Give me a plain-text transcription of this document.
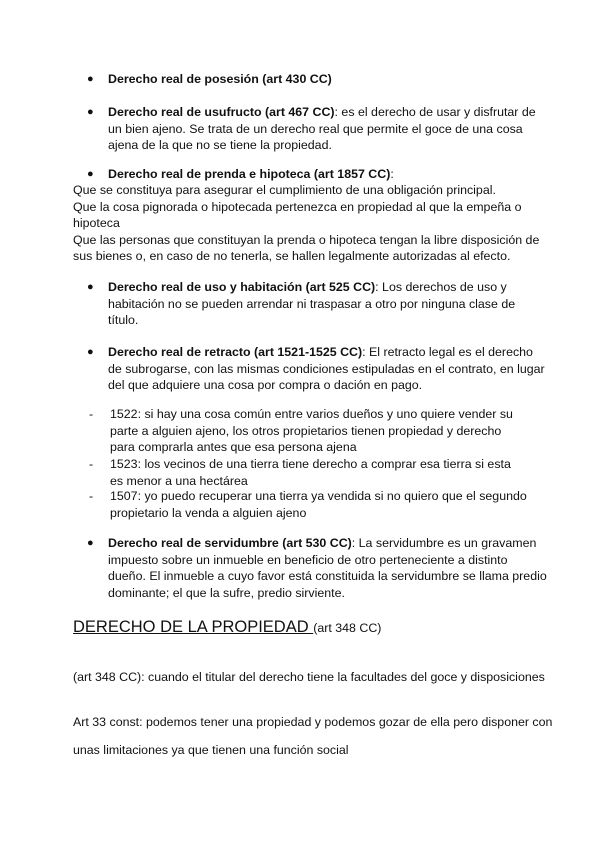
●	Derecho real de posesión (art 430 CC)
●	Derecho real de usufructo (art 467 CC): es el derecho de usar y disfrutar de un bien ajeno. Se trata de un derecho real que permite el goce de una cosa ajena de la que no se tiene la propiedad.
●	Derecho real de prenda e hipoteca (art 1857 CC):
Que se constituya para asegurar el cumplimiento de una obligación principal.
Que la cosa pignorada o hipotecada pertenezca en propiedad al que la empeña o hipoteca
Que las personas que constituyan la prenda o hipoteca tengan la libre disposición de sus bienes o, en caso de no tenerla, se hallen legalmente autorizadas al efecto.
●	Derecho real de uso y habitación (art 525 CC): Los derechos de uso y habitación no se pueden arrendar ni traspasar a otro por ninguna clase de título.
●	Derecho real de retracto (art 1521-1525 CC): El retracto legal es el derecho de subrogarse, con las mismas condiciones estipuladas en el contrato, en lugar del que adquiere una cosa por compra o dación en pago.
-	1522: si hay una cosa común entre varios dueños y uno quiere vender su parte a alguien ajeno, los otros propietarios tienen propiedad y derecho para comprarla antes que esa persona ajena
-	1523: los vecinos de una tierra tiene derecho a comprar esa tierra si esta es menor a una hectárea
-	1507: yo puedo recuperar una tierra ya vendida si no quiero que el segundo propietario la venda a alguien ajeno
●	Derecho real de servidumbre (art 530 CC): La servidumbre es un gravamen impuesto sobre un inmueble en beneficio de otro perteneciente a distinto dueño. El inmueble a cuyo favor está constituida la servidumbre se llama predio dominante; el que la sufre, predio sirviente.
DERECHO DE LA PROPIEDAD (art 348 CC)
(art 348 CC): cuando el titular del derecho tiene la facultades del goce y disposiciones
Art 33 const: podemos tener una propiedad y podemos gozar de ella pero disponer con unas limitaciones ya que tienen una función social
